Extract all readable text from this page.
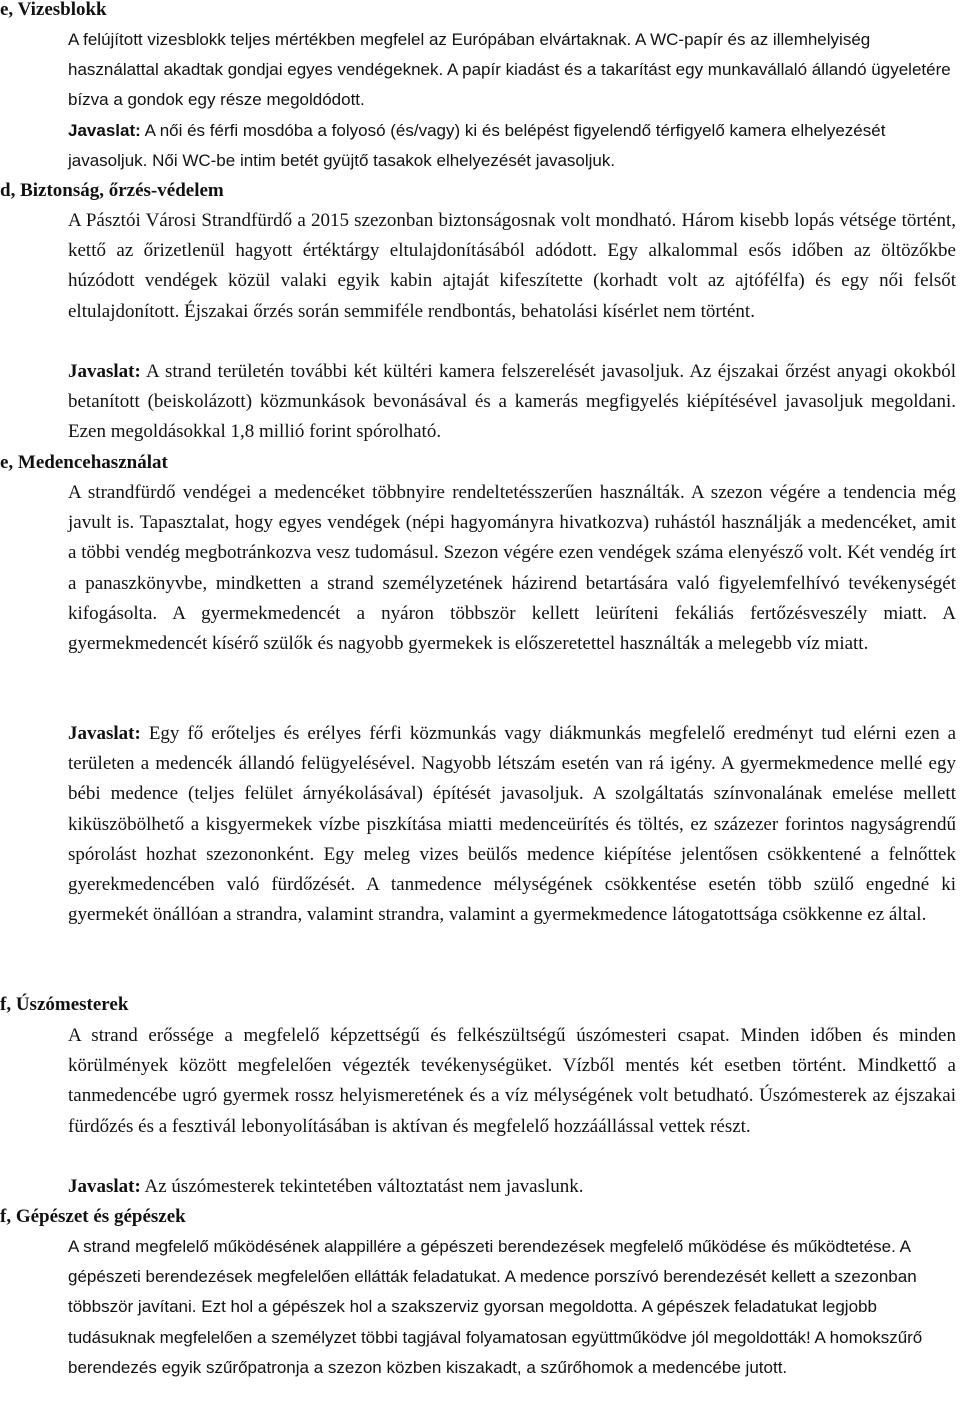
e, Vizesblokk

A felújított vizesblokk teljes mértékben megfelel az Európában elvártaknak. A WC-papír és az illemhelyiség használattal akadtak gondjai egyes vendégeknek. A papír kiadást és a takarítást egy munkavállaló állandó ügyeletére bízva a gondok egy része megoldódott.

Javaslat: A női és férfi mosdóba a folyosó (és/vagy) ki és belépést figyelendő térfigyelő kamera elhelyezését javasoljuk. Női WC-be intim betét gyüjtő tasakok elhelyezését javasoljuk.

d, Biztonság, őrzés-védelem

A Pásztói Városi Strandfürdő a 2015 szezonban biztonságosnak volt mondható. Három kisebb lopás vétsége történt, kettő az őrizetlenül hagyott értéktárgy eltulajdonításából adódott. Egy alkalommal esős időben az öltözőkbe húzódott vendégek közül valaki egyik kabin ajtaját kifeszítette (korhadt volt az ajtófélfa) és egy női felsőt eltulajdonított. Éjszakai őrzés során semmiféle rendbontás, behatolási kísérlet nem történt.

Javaslat: A strand területén további két kültéri kamera felszerelését javasoljuk. Az éjszakai őrzést anyagi okokból betanított (beiskolázott) közmunkások bevonásával és a kamerás megfigyelés kiépítésével javasoljuk megoldani. Ezen megoldásokkal 1,8 millió forint spórolható.

e, Medencehasználat

A strandfürdő vendégei a medencéket többnyire rendeltetésszerűen használták. A szezon végére a tendencia még javult is. Tapasztalat, hogy egyes vendégek (népi hagyományra hivatkozva) ruhástól használják a medencéket, amit a többi vendég megbotránkozva vesz tudomásul. Szezon végére ezen vendégek száma elenyésző volt. Két vendég írt a panaszkönyvbe, mindketten a strand személyzetének házirend betartására való figyelemfelhívó tevékenységét kifogásolta. A gyermekmedencét a nyáron többször kellett leüríteni fekáliás fertőzésveszély miatt. A gyermekmedencét kísérő szülők és nagyobb gyermekek is előszeretettel használták a melegebb víz miatt.

Javaslat: Egy fő erőteljes és erélyes férfi közmunkás vagy diákmunkás megfelelő eredményt tud elérni ezen a területen a medencék állandó felügyelésével. Nagyobb létszám esetén van rá igény. A gyermekmedence mellé egy bébi medence (teljes felület árnyékolásával) építését javasoljuk. A szolgáltatás színvonalának emelése mellett kiküszöbölhető a kisgyermekek vízbe piszkítása miatti medenceürítés és töltés, ez százezer forintos nagyságrendű spórolást hozhat szezononként. Egy meleg vizes beülős medence kiépítése jelentősen csökkentené a felnőttek gyerekmedencében való fürdőzését. A tanmedence mélységének csökkentése esetén több szülő engedné ki gyermekét önállóan a strandra, valamint strandra, valamint a gyermekmedence látogatottsága csökkenne ez által.

f, Úszómesterek

A strand erőssége a megfelelő képzettségű és felkészültségű úszómesteri csapat. Minden időben és minden körülmények között megfelelően végezték tevékenységüket. Vízből mentés két esetben történt. Mindkettő a tanmedencébe ugró gyermek rossz helyismeretének és a víz mélységének volt betudható. Úszómesterek az éjszakai fürdőzés és a fesztivál lebonyolításában is aktívan és megfelelő hozzáállással vettek részt.

Javaslat: Az úszómesterek tekintetében változtatást nem javaslunk.

f, Gépészet és gépészek

A strand megfelelő működésének alappillére a gépészeti berendezések megfelelő működése és működtetése. A gépészeti berendezések megfelelően ellátták feladatukat. A medence porszívó berendezését kellett a szezonban többször javítani. Ezt hol a gépészek hol a szakszerviz gyorsan megoldotta. A gépészek feladatukat legjobb tudásuknak megfelelően a személyzet többi tagjával folyamatosan együttműködve jól megoldották! A homokszűrő berendezés egyik szűrőpatronja a szezon közben kiszakadt, a szűrőhomok a medencébe jutott.
